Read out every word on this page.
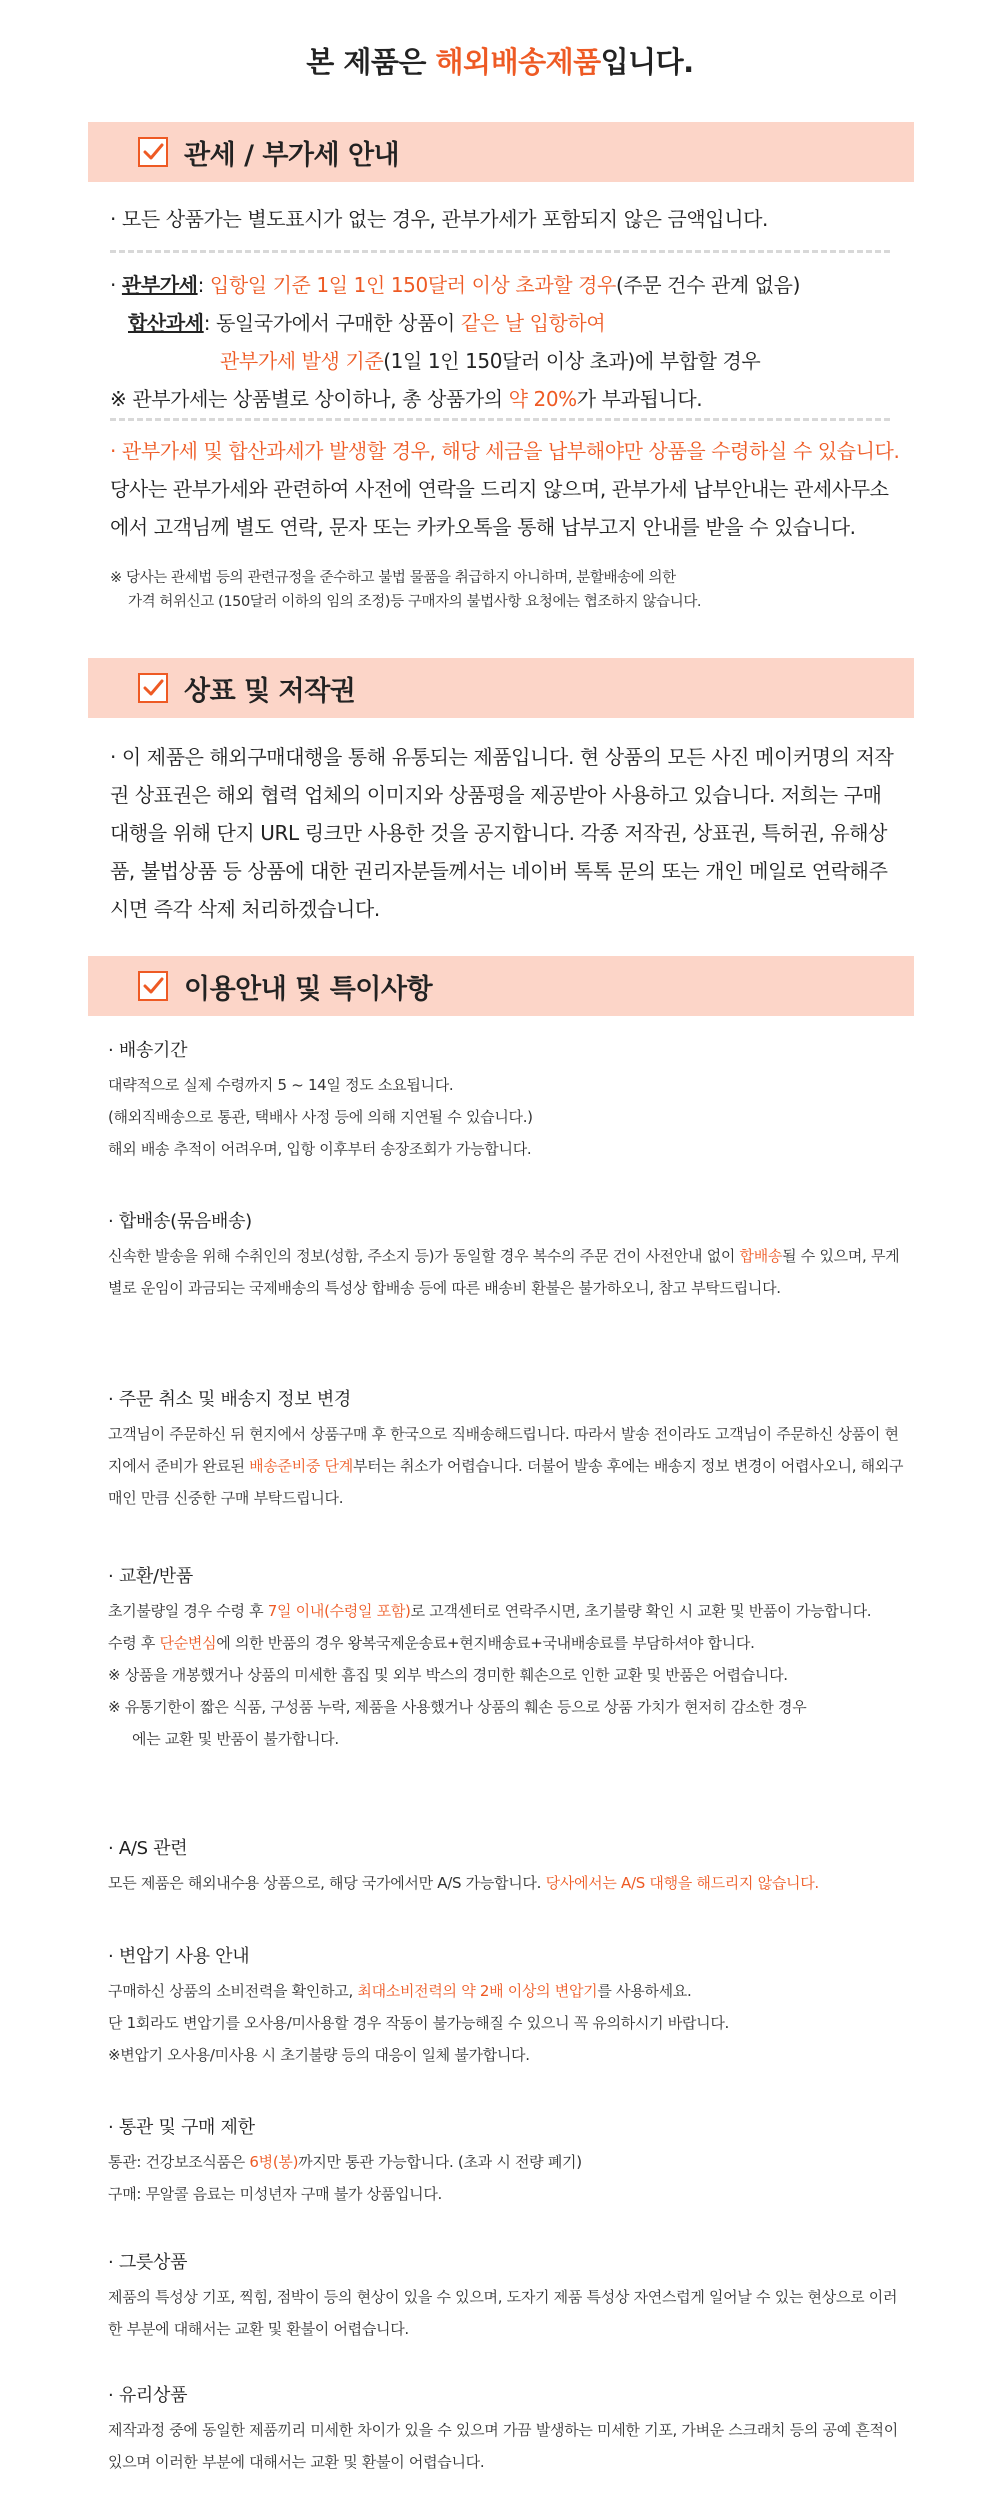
본 제품은 해외배송제품입니다.
관세 / 부가세 안내
· 모든 상품가는 별도표시가 없는 경우, 관부가세가 포함되지 않은 금액입니다.
· 관부가세: 입항일 기준 1일 1인 150달러 이상 초과할 경우(주문 건수 관계 없음)
합산과세: 동일국가에서 구매한 상품이 같은 날 입항하여
관부가세 발생 기준(1일 1인 150달러 이상 초과)에 부합할 경우
※ 관부가세는 상품별로 상이하나, 총 상품가의 약 20%가 부과됩니다.
· 관부가세 및 합산과세가 발생할 경우, 해당 세금을 납부해야만 상품을 수령하실 수 있습니다. 당사는 관부가세와 관련하여 사전에 연락을 드리지 않으며, 관부가세 납부안내는 관세사무소에서 고객님께 별도 연락, 문자 또는 카카오톡을 통해 납부고지 안내를 받을 수 있습니다.
※ 당사는 관세법 등의 관련규정을 준수하고 불법 물품을 취급하지 아니하며, 분할배송에 의한
가격 허위신고 (150달러 이하의 임의 조정)등 구매자의 불법사항 요청에는 협조하지 않습니다.
상표 및 저작권
· 이 제품은 해외구매대행을 통해 유통되는 제품입니다. 현 상품의 모든 사진 메이커명의 저작권 상표권은 해외 협력 업체의 이미지와 상품평을 제공받아 사용하고 있습니다. 저희는 구매대행을 위해 단지 URL 링크만 사용한 것을 공지합니다. 각종 저작권, 상표권, 특허권, 유해상품, 불법상품 등 상품에 대한 권리자분들께서는 네이버 톡톡 문의 또는 개인 메일로 연락해주시면 즉각 삭제 처리하겠습니다.
이용안내 및 특이사항
· 배송기간
대략적으로 실제 수령까지 5 ~ 14일 정도 소요됩니다.
(해외직배송으로 통관, 택배사 사정 등에 의해 지연될 수 있습니다.)
해외 배송 추적이 어려우며, 입항 이후부터 송장조회가 가능합니다.
· 합배송(묶음배송)
신속한 발송을 위해 수취인의 정보(성함, 주소지 등)가 동일할 경우 복수의 주문 건이 사전안내 없이 합배송될 수 있으며, 무게별로 운임이 과금되는 국제배송의 특성상 합배송 등에 따른 배송비 환불은 불가하오니, 참고 부탁드립니다.
· 주문 취소 및 배송지 정보 변경
고객님이 주문하신 뒤 현지에서 상품구매 후 한국으로 직배송해드립니다. 따라서 발송 전이라도 고객님이 주문하신 상품이 현지에서 준비가 완료된 배송준비중 단계부터는 취소가 어렵습니다. 더불어 발송 후에는 배송지 정보 변경이 어렵사오니, 해외구매인 만큼 신중한 구매 부탁드립니다.
· 교환/반품
초기불량일 경우 수령 후 7일 이내(수령일 포함)로 고객센터로 연락주시면, 초기불량 확인 시 교환 및 반품이 가능합니다.
수령 후 단순변심에 의한 반품의 경우 왕복국제운송료+현지배송료+국내배송료를 부담하셔야 합니다.
※ 상품을 개봉했거나 상품의 미세한 흠집 및 외부 박스의 경미한 훼손으로 인한 교환 및 반품은 어렵습니다.
※ 유통기한이 짧은 식품, 구성품 누락, 제품을 사용했거나 상품의 훼손 등으로 상품 가치가 현저히 감소한 경우
에는 교환 및 반품이 불가합니다.
· A/S 관련
모든 제품은 해외내수용 상품으로, 해당 국가에서만 A/S 가능합니다. 당사에서는 A/S 대행을 해드리지 않습니다.
· 변압기 사용 안내
구매하신 상품의 소비전력을 확인하고, 최대소비전력의 약 2배 이상의 변압기를 사용하세요.
단 1회라도 변압기를 오사용/미사용할 경우 작동이 불가능해질 수 있으니 꼭 유의하시기 바랍니다.
※변압기 오사용/미사용 시 초기불량 등의 대응이 일체 불가합니다.
· 통관 및 구매 제한
통관: 건강보조식품은 6병(봉)까지만 통관 가능합니다. (초과 시 전량 폐기)
구매: 무알콜 음료는 미성년자 구매 불가 상품입니다.
· 그릇상품
제품의 특성상 기포, 찍힘, 점박이 등의 현상이 있을 수 있으며, 도자기 제품 특성상 자연스럽게 일어날 수 있는 현상으로 이러한 부분에 대해서는 교환 및 환불이 어렵습니다.
· 유리상품
제작과정 중에 동일한 제품끼리 미세한 차이가 있을 수 있으며 가끔 발생하는 미세한 기포, 가벼운 스크래치 등의 공예 흔적이 있으며 이러한 부분에 대해서는 교환 및 환불이 어렵습니다.
